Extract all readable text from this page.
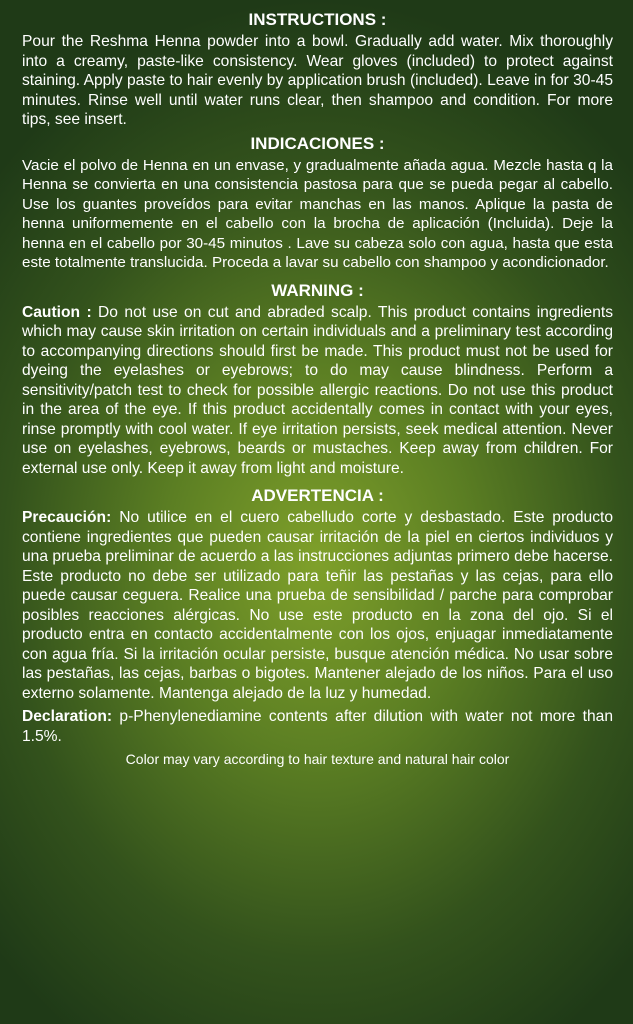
INSTRUCTIONS :

Pour the Reshma Henna powder into a bowl. Gradually add water. Mix thoroughly into a creamy, paste-like consistency. Wear gloves (included) to protect against staining. Apply paste to hair evenly by application brush (included). Leave in for 30-45 minutes. Rinse well until water runs clear, then shampoo and condition. For more tips, see insert.

INDICACIONES :

Vacie el polvo de Henna en un envase, y gradualmente añada agua. Mezcle hasta q la Henna se convierta en una consistencia pastosa para que se pueda pegar al cabello. Use los guantes proveídos para evitar manchas en las manos. Aplique la pasta de henna uniformemente en el cabello con la brocha de aplicación (Incluida). Deje la henna en el cabello por 30-45 minutos . Lave su cabeza solo con agua, hasta que esta este totalmente translucida. Proceda a lavar su cabello con shampoo y acondicionador.

WARNING :

Caution : Do not use on cut and abraded scalp. This product contains ingredients which may cause skin irritation on certain individuals and a preliminary test according to accompanying directions should first be made. This product must not be used for dyeing the eyelashes or eyebrows; to do may cause blindness. Perform a sensitivity/patch test to check for possible allergic reactions. Do not use this product in the area of the eye. If this product accidentally comes in contact with your eyes, rinse promptly with cool water. If eye irritation persists, seek medical attention. Never use on eyelashes, eyebrows, beards or mustaches. Keep away from children. For external use only. Keep it away from light and moisture.

ADVERTENCIA :

Precaución: No utilice en el cuero cabelludo corte y desbastado. Este producto contiene ingredientes que pueden causar irritación de la piel en ciertos individuos y una prueba preliminar de acuerdo a las instrucciones adjuntas primero debe hacerse. Este producto no debe ser utilizado para teñir las pestañas y las cejas, para ello puede causar ceguera. Realice una prueba de sensibilidad / parche para comprobar posibles reacciones alérgicas. No use este producto en la zona del ojo. Si el producto entra en contacto accidentalmente con los ojos, enjuagar inmediatamente con agua fría. Si la irritación ocular persiste, busque atención médica. No usar sobre las pestañas, las cejas, barbas o bigotes. Mantener alejado de los niños. Para el uso externo solamente. Mantenga alejado de la luz y humedad.

Declaration: p-Phenylenediamine contents after dilution with water not more than 1.5%.

Color may vary according to hair texture and natural hair color
